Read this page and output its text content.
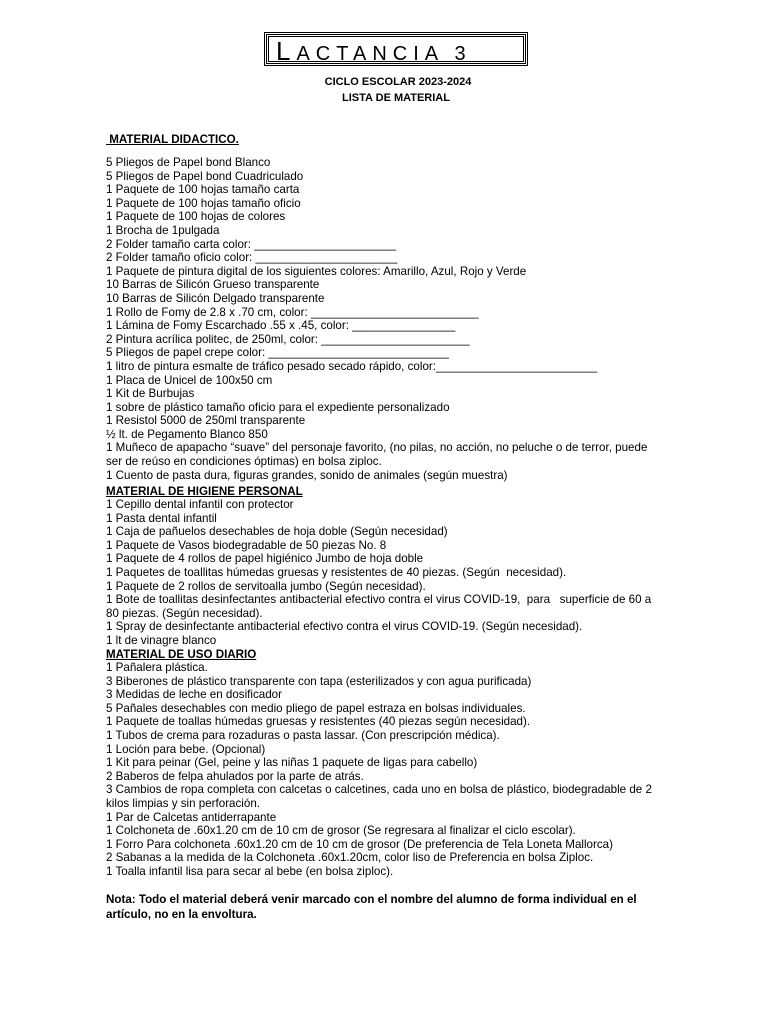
LACTANCIA 3
CICLO ESCOLAR 2023-2024
LISTA DE MATERIAL
MATERIAL DIDACTICO.
5 Pliegos de Papel bond Blanco
5 Pliegos de Papel bond Cuadriculado
1 Paquete de 100 hojas tamaño carta
1 Paquete de 100 hojas tamaño oficio
1 Paquete de 100 hojas de colores
1 Brocha de 1pulgada
2 Folder tamaño carta color: ______________________
2 Folder tamaño oficio color: ______________________
1 Paquete de pintura digital de los siguientes colores: Amarillo, Azul, Rojo y Verde
10 Barras de Silicón Grueso transparente
10 Barras de Silicón Delgado transparente
1 Rollo de Fomy de 2.8 x .70 cm, color: __________________________
1 Lámina de Fomy Escarchado .55 x .45, color: ________________
2 Pintura acrílica politec, de 250ml, color: _______________________
5 Pliegos de papel crepe color: ____________________________
1 litro de pintura esmalte de tráfico pesado secado rápido, color:_________________________
1 Placa de Unicel de 100x50 cm
1 Kit de Burbujas
1 sobre de plástico tamaño oficio para el expediente personalizado
1 Resistol 5000 de 250ml transparente
½ lt. de Pegamento Blanco 850
1 Muñeco de apapacho “suave” del personaje favorito, (no pilas, no acción, no peluche o de terror, puede ser de reúso en condiciones óptimas) en bolsa ziploc.
1 Cuento de pasta dura, figuras grandes, sonido de animales (según muestra)
MATERIAL DE HIGIENE PERSONAL
1 Cepillo dental infantil con protector
1 Pasta dental infantil
1 Caja de pañuelos desechables de hoja doble (Según necesidad)
1 Paquete de Vasos biodegradable de 50 piezas No. 8
1 Paquete de 4 rollos de papel higiénico Jumbo de hoja doble
1 Paquetes de toallitas húmedas gruesas y resistentes de 40 piezas. (Según  necesidad).
1 Paquete de 2 rollos de servitoalla jumbo (Según necesidad).
1 Bote de toallitas desinfectantes antibacterial efectivo contra el virus COVID-19,  para   superficie de 60 a 80 piezas. (Según necesidad).
1 Spray de desinfectante antibacterial efectivo contra el virus COVID-19. (Según necesidad).
1 lt de vinagre blanco
MATERIAL DE USO DIARIO
1 Pañalera plástica.
3 Biberones de plástico transparente con tapa (esterilizados y con agua purificada)
3 Medidas de leche en dosificador
5 Pañales desechables con medio pliego de papel estraza en bolsas individuales.
1 Paquete de toallas húmedas gruesas y resistentes (40 piezas según necesidad).
1 Tubos de crema para rozaduras o pasta lassar. (Con prescripción médica).
1 Loción para bebe. (Opcional)
1 Kit para peinar (Gel, peine y las niñas 1 paquete de ligas para cabello)
2 Baberos de felpa ahulados por la parte de atrás.
3 Cambios de ropa completa con calcetas o calcetines, cada uno en bolsa de plástico, biodegradable de 2 kilos limpias y sin perforación.
1 Par de Calcetas antiderrapante
1 Colchoneta de .60x1.20 cm de 10 cm de grosor (Se regresara al finalizar el ciclo escolar).
1 Forro Para colchoneta .60x1.20 cm de 10 cm de grosor (De preferencia de Tela Loneta Mallorca)
2 Sabanas a la medida de la Colchoneta .60x1.20cm, color liso de Preferencia en bolsa Ziploc.
1 Toalla infantil lisa para secar al bebe (en bolsa ziploc).
Nota: Todo el material deberá venir marcado con el nombre del alumno de forma individual en el artículo, no en la envoltura.
